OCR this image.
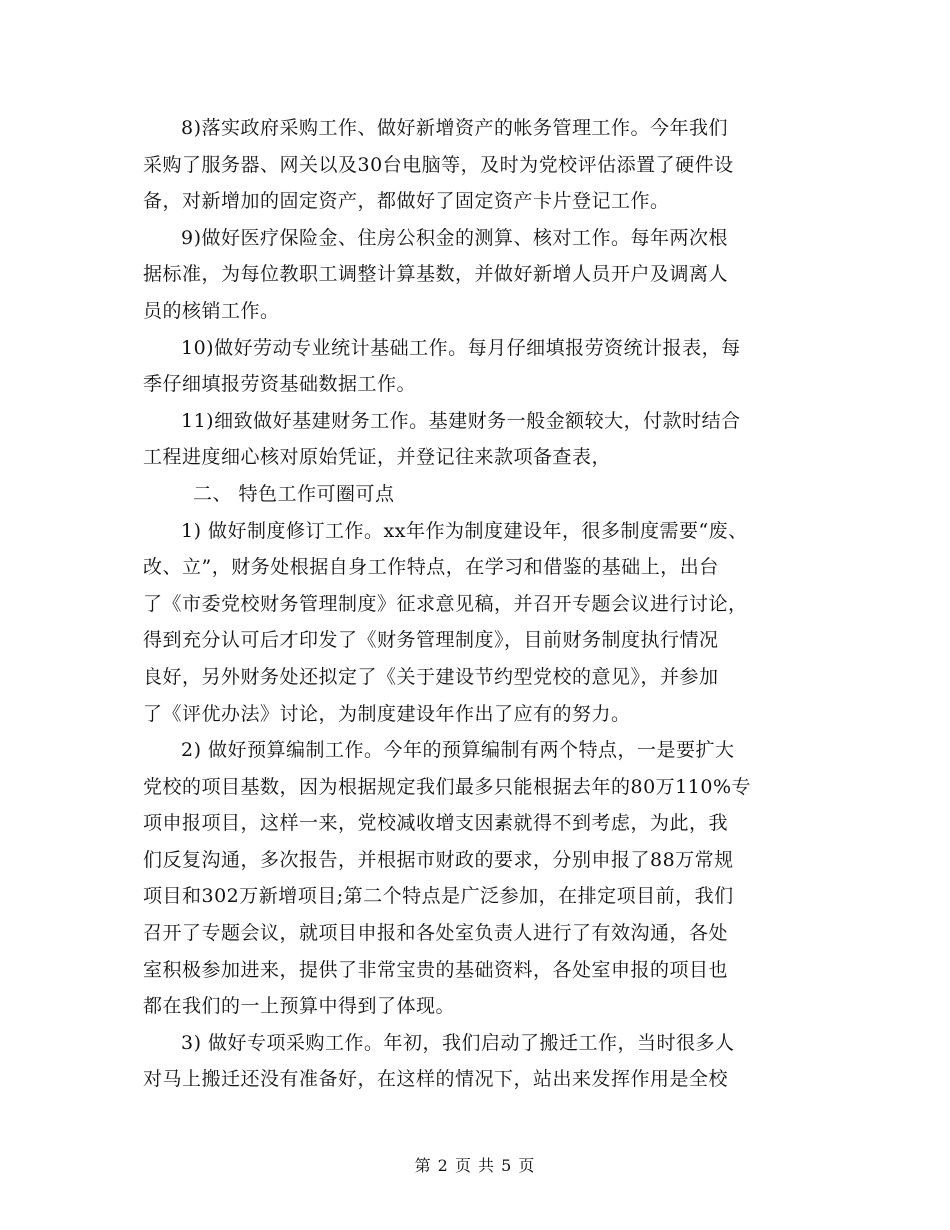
8)落实政府采购工作、做好新增资产的帐务管理工作。今年我们
采购了服务器、网关以及30台电脑等，及时为党校评估添置了硬件设
备，对新增加的固定资产，都做好了固定资产卡片登记工作。
9)做好医疗保险金、住房公积金的测算、核对工作。每年两次根
据标准，为每位教职工调整计算基数，并做好新增人员开户及调离人
员的核销工作。
10)做好劳动专业统计基础工作。每月仔细填报劳资统计报表，每
季仔细填报劳资基础数据工作。
11)细致做好基建财务工作。基建财务一般金额较大，付款时结合
工程进度细心核对原始凭证，并登记往来款项备查表，
二、 特色工作可圈可点
1) 做好制度修订工作。xx年作为制度建设年，很多制度需要“废、
改、立”，财务处根据自身工作特点，在学习和借鉴的基础上，出台
了《市委党校财务管理制度》征求意见稿，并召开专题会议进行讨论，
得到充分认可后才印发了《财务管理制度》，目前财务制度执行情况
良好，另外财务处还拟定了《关于建设节约型党校的意见》，并参加
了《评优办法》讨论，为制度建设年作出了应有的努力。
2) 做好预算编制工作。今年的预算编制有两个特点，一是要扩大
党校的项目基数，因为根据规定我们最多只能根据去年的80万110%专
项申报项目，这样一来，党校减收增支因素就得不到考虑，为此，我
们反复沟通，多次报告，并根据市财政的要求，分别申报了88万常规
项目和302万新增项目;第二个特点是广泛参加，在排定项目前，我们
召开了专题会议，就项目申报和各处室负责人进行了有效沟通，各处
室积极参加进来，提供了非常宝贵的基础资料，各处室申报的项目也
都在我们的一上预算中得到了体现。
3) 做好专项采购工作。年初，我们启动了搬迁工作，当时很多人
对马上搬迁还没有准备好，在这样的情况下，站出来发挥作用是全校
第 2 页 共 5 页
